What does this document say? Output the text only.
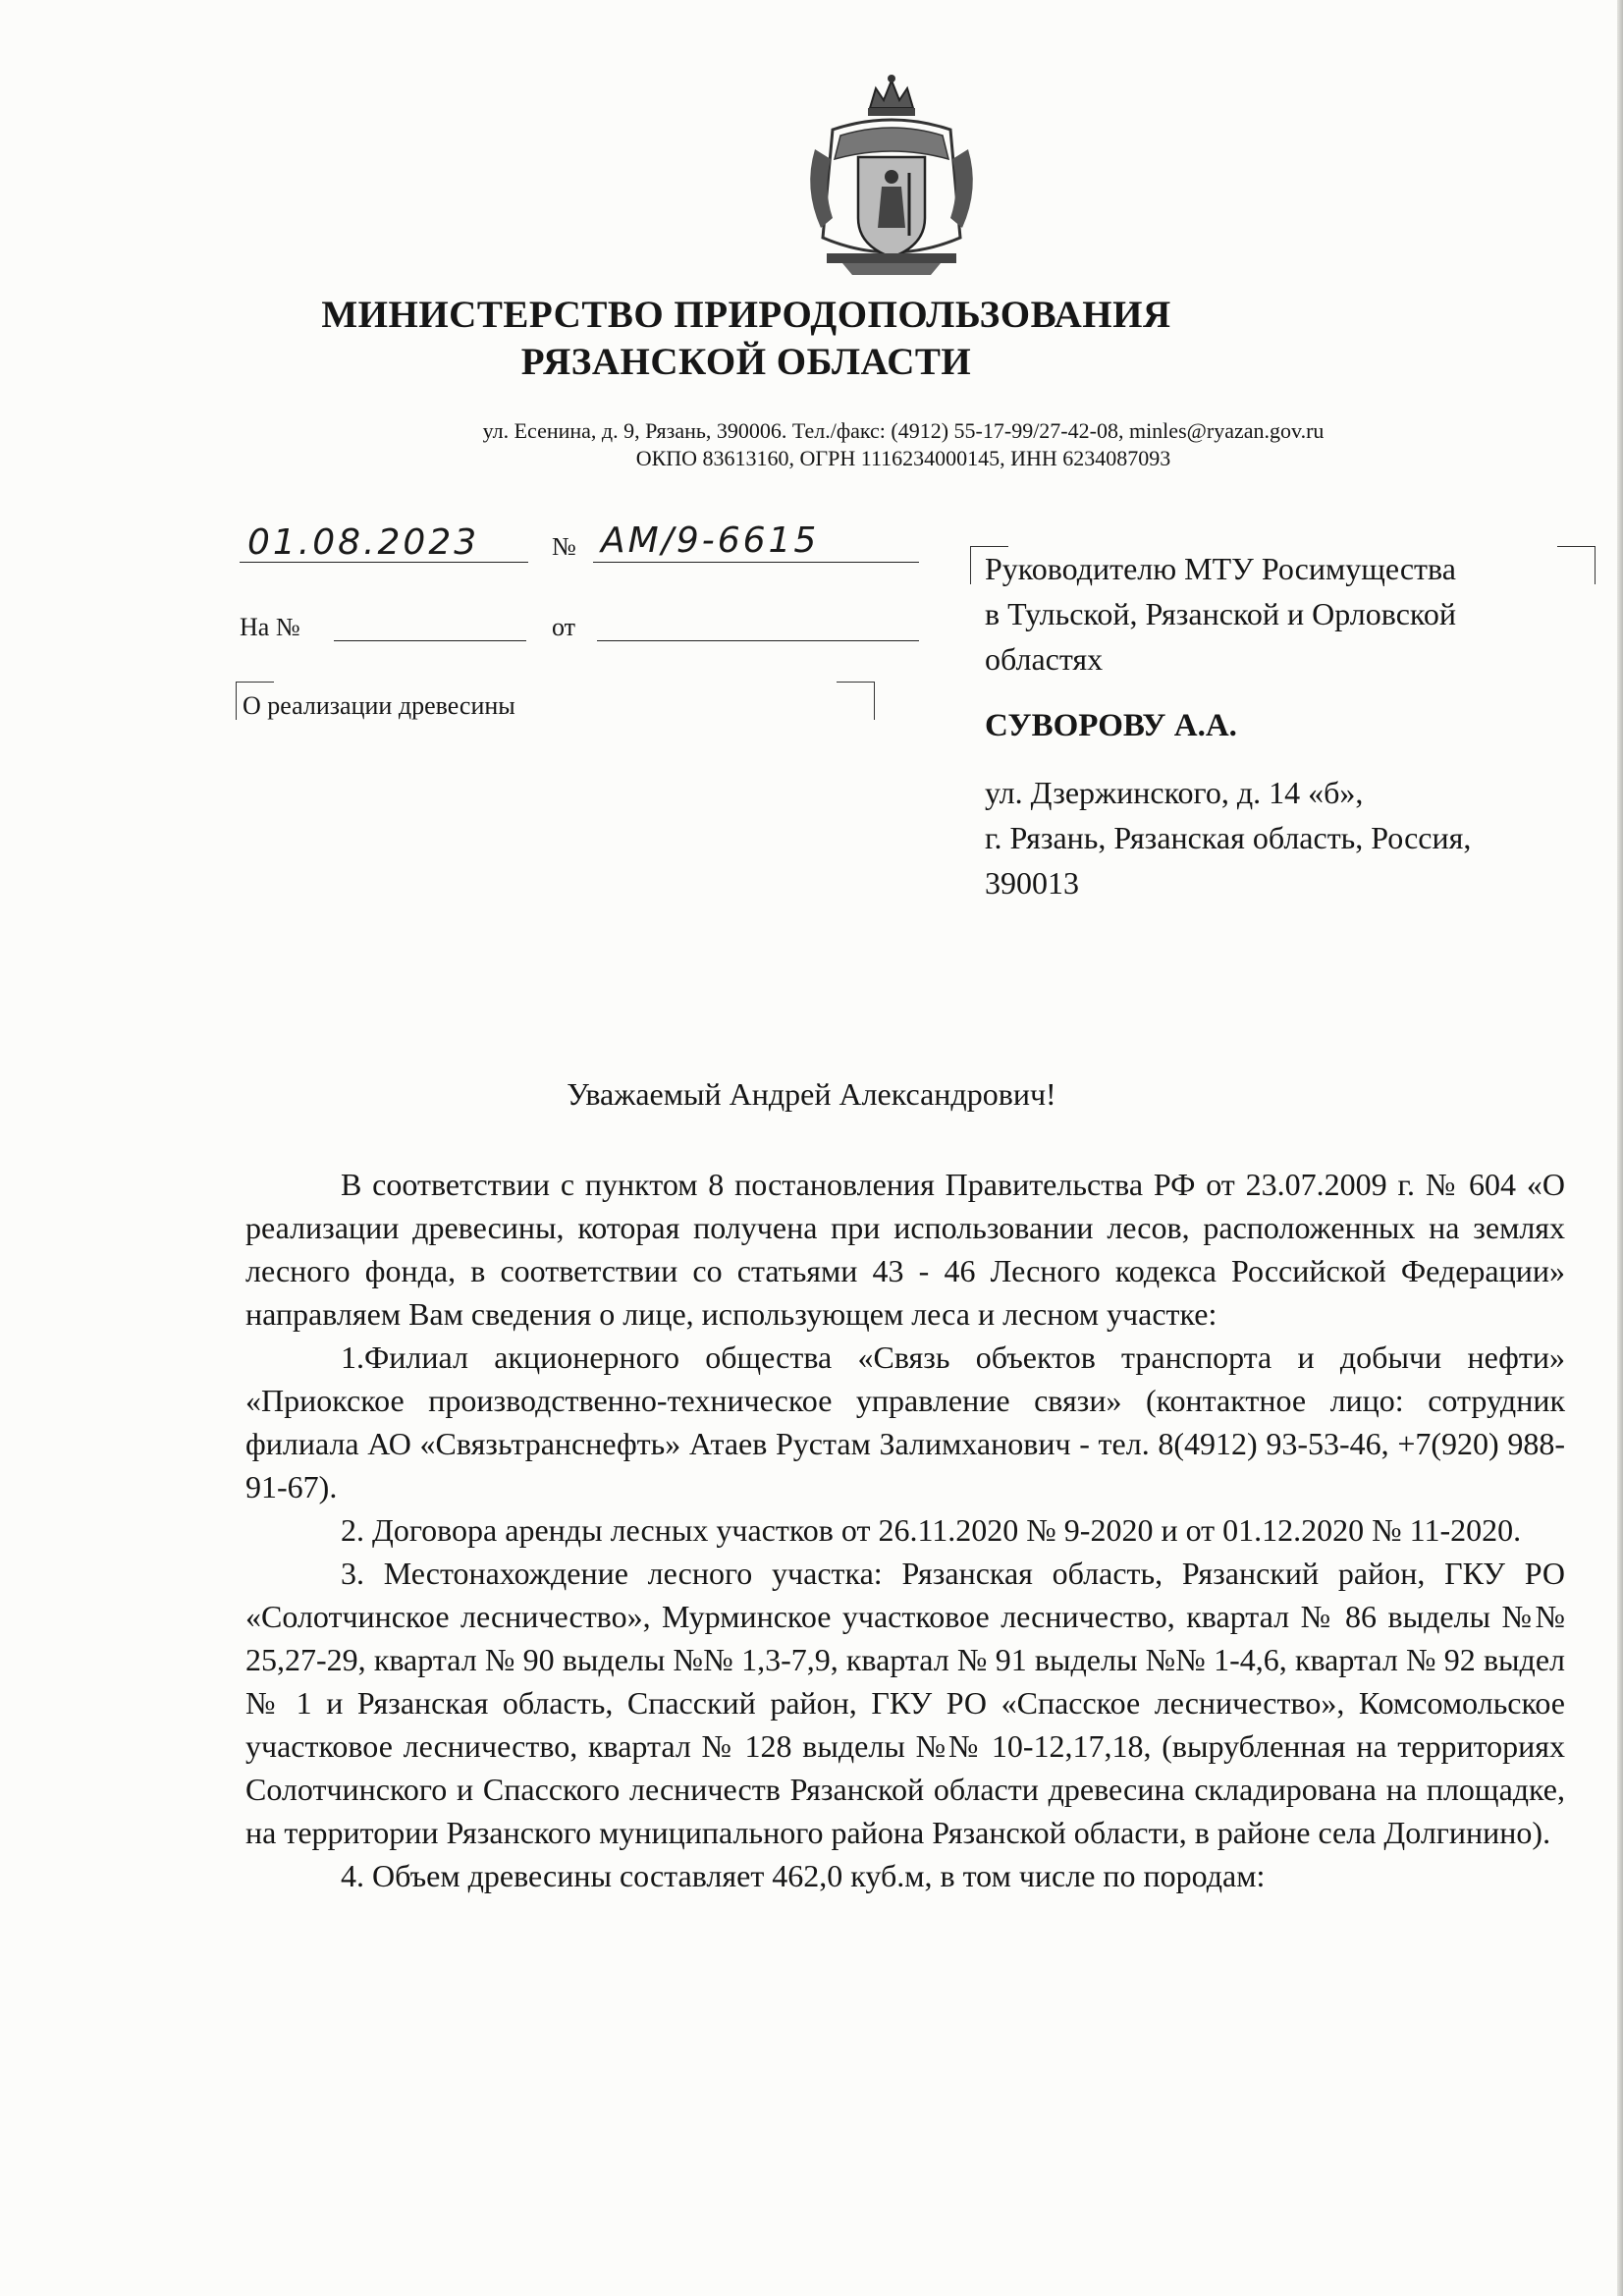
МИНИСТЕРСТВО ПРИРОДОПОЛЬЗОВАНИЯ
РЯЗАНСКОЙ ОБЛАСТИ
ул. Есенина, д. 9, Рязань, 390006. Тел./факс: (4912) 55-17-99/27-42-08, minles@ryazan.gov.ru
ОКПО 83613160, ОГРН 1116234000145, ИНН 6234087093
01.08.2023	№ АМ/9-6615
На №	от
О реализации древесины
Руководителю МТУ Росимущества
в Тульской, Рязанской и Орловской
областях
СУВОРОВУ А.А.
ул. Дзержинского, д. 14 «б»,
г. Рязань, Рязанская область, Россия,
390013
Уважаемый Андрей Александрович!

В соответствии с пунктом 8 постановления Правительства РФ от 23.07.2009 г. № 604 «О реализации древесины, которая получена при использовании лесов, расположенных на землях лесного фонда, в соответствии со статьями 43 - 46 Лесного кодекса Российской Федерации» направляем Вам сведения о лице, использующем леса и лесном участке:

1.Филиал акционерного общества «Связь объектов транспорта и добычи нефти» «Приокское производственно-техническое управление связи» (контактное лицо: сотрудник филиала АО «Связьтранснефть» Атаев Рустам Залимханович - тел. 8(4912) 93-53-46, +7(920) 988-91-67).

2. Договора аренды лесных участков от 26.11.2020 № 9-2020 и от 01.12.2020 № 11-2020.

3. Местонахождение лесного участка: Рязанская область, Рязанский район, ГКУ РО «Солотчинское лесничество», Мурминское участковое лесничество, квартал № 86 выделы №№ 25,27-29, квартал № 90 выделы №№ 1,3-7,9, квартал № 91 выделы №№ 1-4,6, квартал № 92 выдел № 1 и Рязанская область, Спасский район, ГКУ РО «Спасское лесничество», Комсомольское участковое лесничество, квартал № 128 выделы №№ 10-12,17,18, (вырубленная на территориях Солотчинского и Спасского лесничеств Рязанской области древесина складирована на площадке, на территории Рязанского муниципального района Рязанской области, в районе села Долгинино).

4. Объем древесины составляет 462,0 куб.м, в том числе по породам:
